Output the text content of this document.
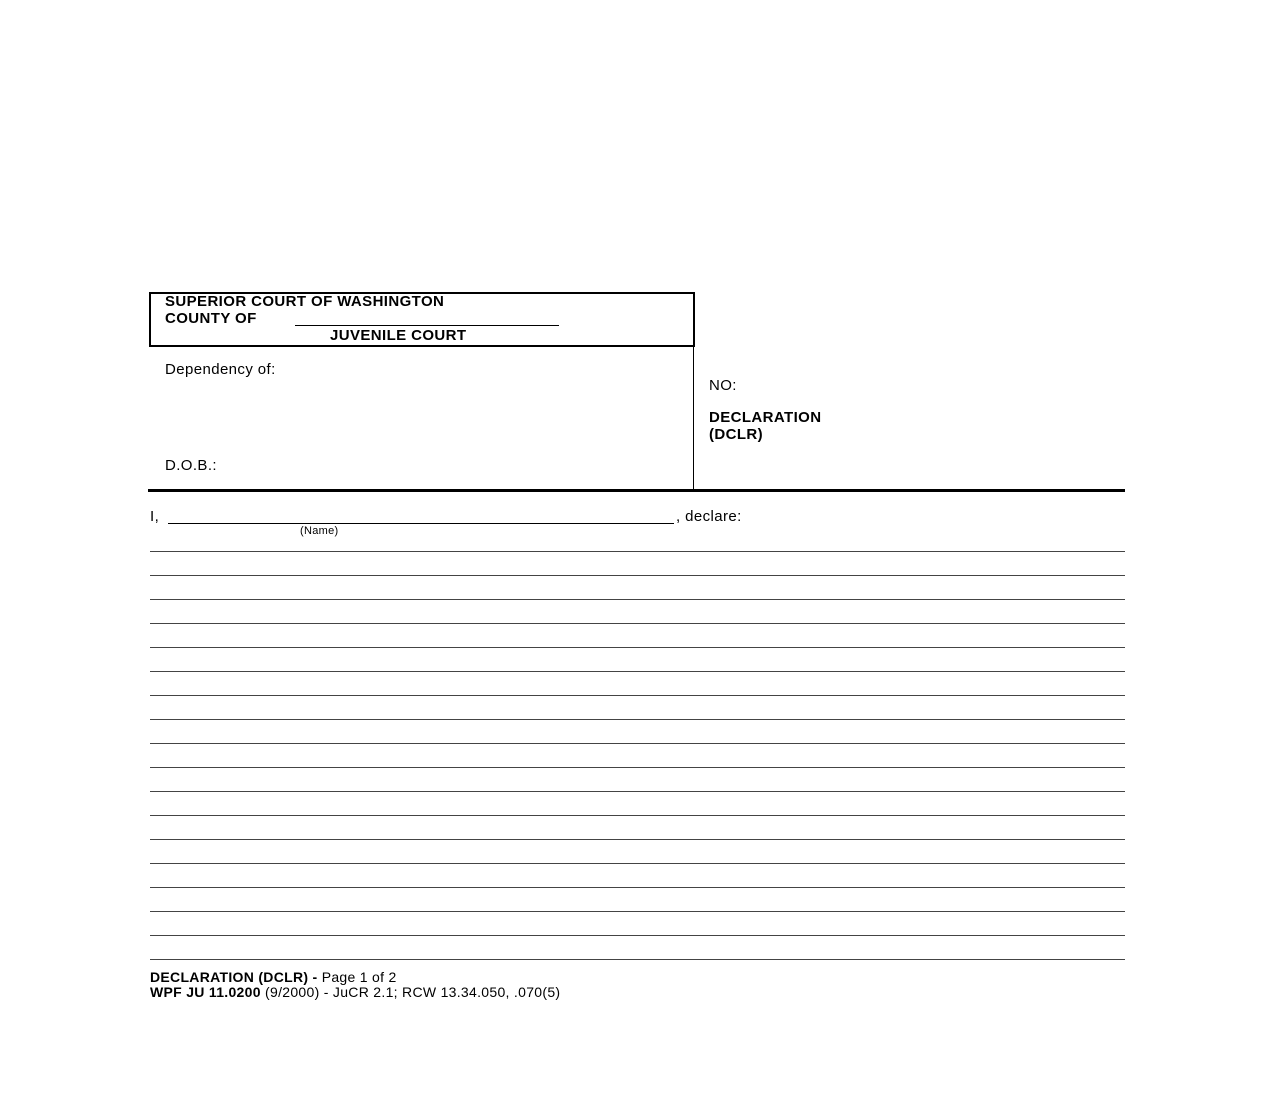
SUPERIOR COURT OF WASHINGTON
COUNTY OF
JUVENILE COURT
Dependency of:
D.O.B.:
NO:
DECLARATION
(DCLR)
I,	, declare:
(Name)
DECLARATION (DCLR) - Page 1 of 2
WPF JU 11.0200 (9/2000) - JuCR 2.1; RCW 13.34.050, .070(5)
